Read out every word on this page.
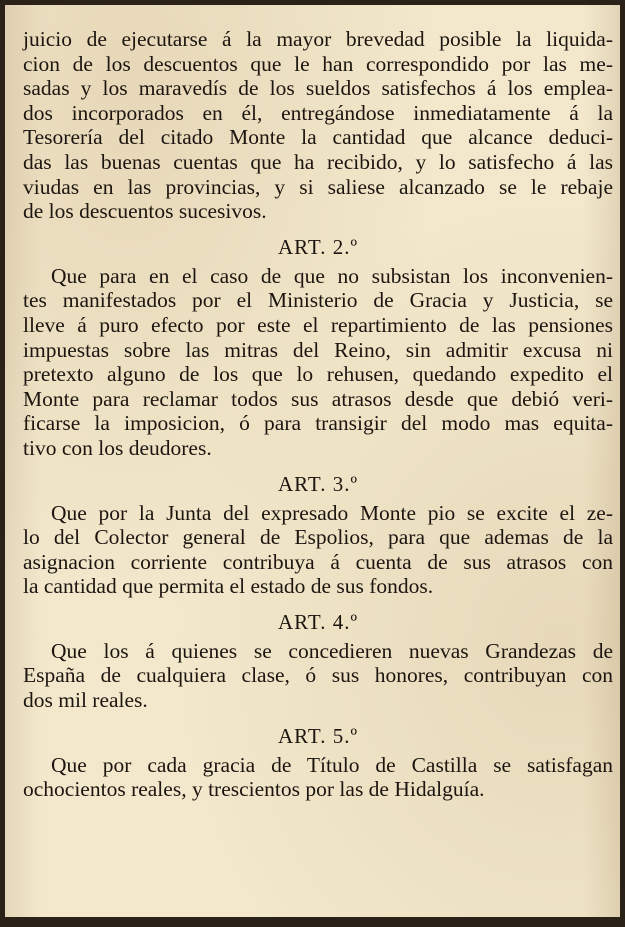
juicio de ejecutarse á la mayor brevedad posible la liquida-
cion de los descuentos que le han correspondido por las me-
sadas y los maravedís de los sueldos satisfechos á los emplea-
dos incorporados en él, entregándose inmediatamente á la
Tesorería del citado Monte la cantidad que alcance deduci-
das las buenas cuentas que ha recibido, y lo satisfecho á las
viudas en las provincias, y si saliese alcanzado se le rebaje
de los descuentos sucesivos.
ART. 2.º
Que para en el caso de que no subsistan los inconvenien-
tes manifestados por el Ministerio de Gracia y Justicia, se
lleve á puro efecto por este el repartimiento de las pensiones
impuestas sobre las mitras del Reino, sin admitir excusa ni
pretexto alguno de los que lo rehusen, quedando expedito el
Monte para reclamar todos sus atrasos desde que debió veri-
ficarse la imposicion, ó para transigir del modo mas equita-
tivo con los deudores.
ART. 3.º
Que por la Junta del expresado Monte pio se excite el ze-
lo del Colector general de Espolios, para que ademas de la
asignacion corriente contribuya á cuenta de sus atrasos con
la cantidad que permita el estado de sus fondos.
ART. 4.º
Que los á quienes se concedieren nuevas Grandezas de
España de cualquiera clase, ó sus honores, contribuyan con
dos mil reales.
ART. 5.º
Que por cada gracia de Título de Castilla se satisfagan
ochocientos reales, y trescientos por las de Hidalguía.
